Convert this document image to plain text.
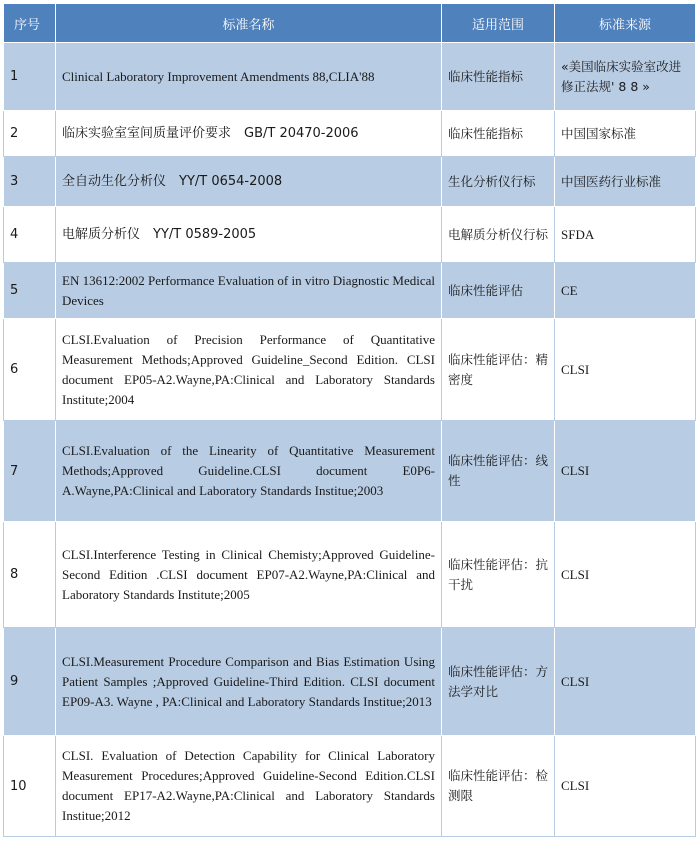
序号	标准名称	适用范围	标准来源
1	Clinical Laboratory Improvement Amendments 88,CLIA'88	临床性能指标	«美国临床实验室改进修正法规' 8 8 »
2	临床实验室室间质量评价要求　GB/T 20470-2006	临床性能指标	中国国家标准
3	全自动生化分析仪　YY/T 0654-2008	生化分析仪行标	中国医药行业标准
4	电解质分析仪　YY/T 0589-2005	电解质分析仪行标	SFDA
5	EN 13612:2002 Performance Evaluation of in vitro Diagnostic Medical Devices	临床性能评估	CE
6	CLSI.Evaluation of Precision Performance of Quantitative Measurement Methods;Approved Guideline_Second Edition. CLSI document EP05-A2.Wayne,PA:Clinical and Laboratory Standards Institute;2004	临床性能评估：精密度	CLSI
7	CLSI.Evaluation of the Linearity of Quantitative Measurement Methods;Approved Guideline.CLSI document E0P6-A.Wayne,PA:Clinical and Laboratory Standards Institue;2003	临床性能评估：线性	CLSI
8	CLSI.Interference Testing in Clinical Chemisty;Approved Guideline-Second Edition .CLSI document EP07-A2.Wayne,PA:Clinical and Laboratory Standards Institute;2005	临床性能评估：抗干扰	CLSI
9	CLSI.Measurement Procedure Comparison and Bias Estimation Using Patient Samples ;Approved Guideline-Third Edition. CLSI document EP09-A3. Wayne , PA:Clinical and Laboratory Standards Institue;2013	临床性能评估：方法学对比	CLSI
10	CLSI. Evaluation of Detection Capability for Clinical Laboratory Measurement Procedures;Approved Guideline-Second Edition.CLSI document EP17-A2.Wayne,PA:Clinical and Laboratory Standards Institue;2012	临床性能评估：检测限	CLSI
